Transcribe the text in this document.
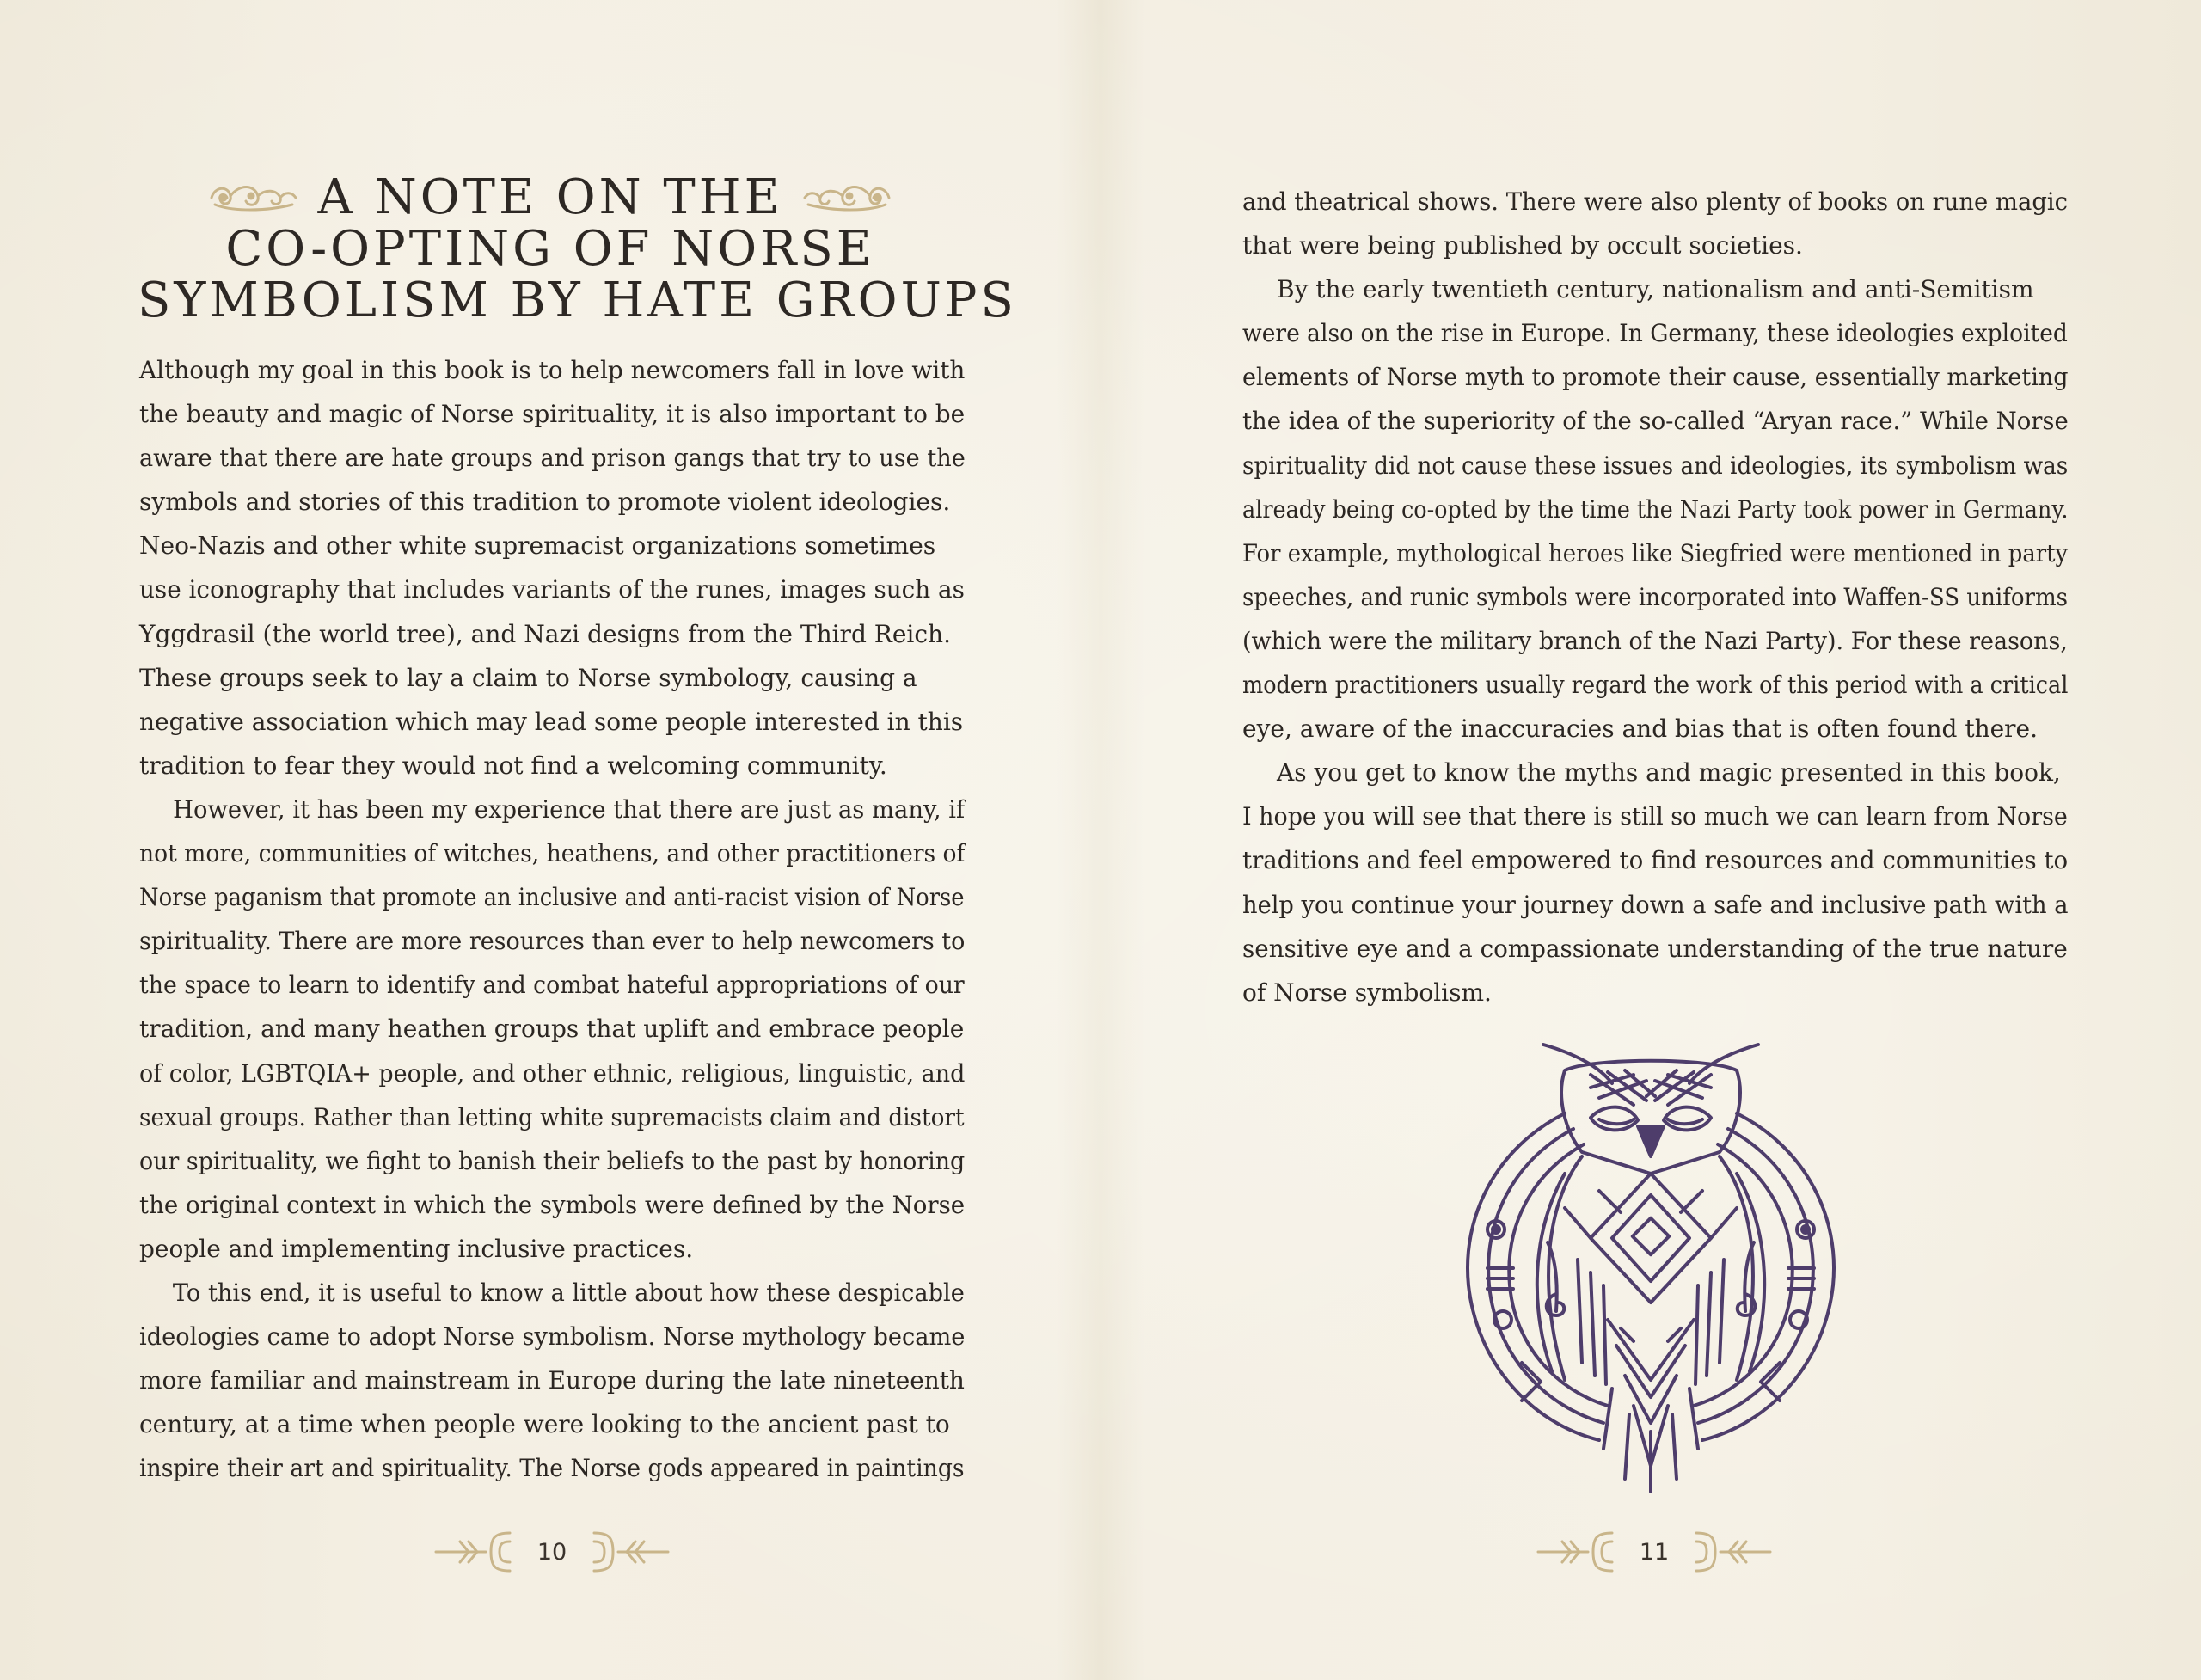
A NOTE ON THE
CO-OPTING OF NORSE
SYMBOLISM BY HATE GROUPS

Although my goal in this book is to help newcomers fall in love with
the beauty and magic of Norse spirituality, it is also important to be
aware that there are hate groups and prison gangs that try to use the
symbols and stories of this tradition to promote violent ideologies.
Neo-Nazis and other white supremacist organizations sometimes
use iconography that includes variants of the runes, images such as
Yggdrasil (the world tree), and Nazi designs from the Third Reich.
These groups seek to lay a claim to Norse symbology, causing a
negative association which may lead some people interested in this
tradition to fear they would not find a welcoming community.

However, it has been my experience that there are just as many, if
not more, communities of witches, heathens, and other practitioners of
Norse paganism that promote an inclusive and anti-racist vision of Norse
spirituality. There are more resources than ever to help newcomers to
the space to learn to identify and combat hateful appropriations of our
tradition, and many heathen groups that uplift and embrace people
of color, LGBTQIA+ people, and other ethnic, religious, linguistic, and
sexual groups. Rather than letting white supremacists claim and distort
our spirituality, we fight to banish their beliefs to the past by honoring
the original context in which the symbols were defined by the Norse
people and implementing inclusive practices.

To this end, it is useful to know a little about how these despicable
ideologies came to adopt Norse symbolism. Norse mythology became
more familiar and mainstream in Europe during the late nineteenth
century, at a time when people were looking to the ancient past to
inspire their art and spirituality. The Norse gods appeared in paintings

10

and theatrical shows. There were also plenty of books on rune magic
that were being published by occult societies.

By the early twentieth century, nationalism and anti-Semitism
were also on the rise in Europe. In Germany, these ideologies exploited
elements of Norse myth to promote their cause, essentially marketing
the idea of the superiority of the so-called “Aryan race.” While Norse
spirituality did not cause these issues and ideologies, its symbolism was
already being co-opted by the time the Nazi Party took power in Germany.
For example, mythological heroes like Siegfried were mentioned in party
speeches, and runic symbols were incorporated into Waffen-SS uniforms
(which were the military branch of the Nazi Party). For these reasons,
modern practitioners usually regard the work of this period with a critical
eye, aware of the inaccuracies and bias that is often found there.

As you get to know the myths and magic presented in this book,
I hope you will see that there is still so much we can learn from Norse
traditions and feel empowered to find resources and communities to
help you continue your journey down a safe and inclusive path with a
sensitive eye and a compassionate understanding of the true nature
of Norse symbolism.

11
